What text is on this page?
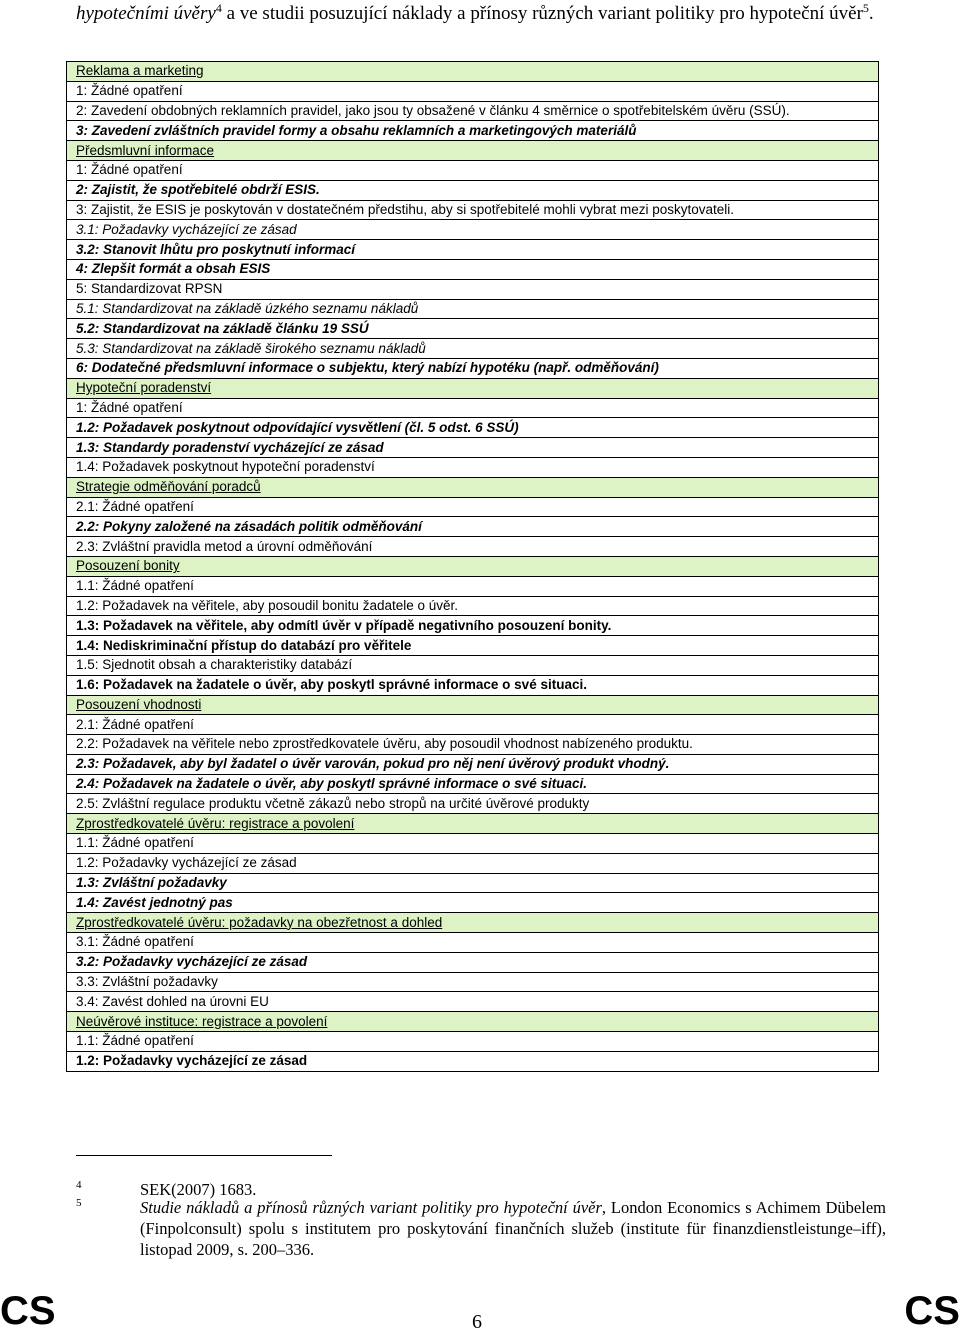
hypotečními úvěry$^4$ a ve studii posuzující náklady a přínosy různých variant politiky pro hypoteční úvěr$^5$.
Reklama a marketing
1: Žádné opatření
2: Zavedení obdobných reklamních pravidel, jako jsou ty obsažené v článku 4 směrnice o spotřebitelském úvěru (SSÚ).
3: Zavedení zvláštních pravidel formy a obsahu reklamních a marketingových materiálů
Předsmluvní informace
1: Žádné opatření
2: Zajistit, že spotřebitelé obdrží ESIS.
3: Zajistit, že ESIS je poskytován v dostatečném předstihu, aby si spotřebitelé mohli vybrat mezi poskytovateli.
3.1: Požadavky vycházející ze zásad
3.2: Stanovit lhůtu pro poskytnutí informací
4: Zlepšit formát a obsah ESIS
5: Standardizovat RPSN
5.1: Standardizovat na základě úzkého seznamu nákladů
5.2: Standardizovat na základě článku 19 SSÚ
5.3: Standardizovat na základě širokého seznamu nákladů
6: Dodatečné předsmluvní informace o subjektu, který nabízí hypotéku (např. odměňování)
Hypoteční poradenství
1: Žádné opatření
1.2: Požadavek poskytnout odpovídající vysvětlení (čl. 5 odst. 6 SSÚ)
1.3: Standardy poradenství vycházející ze zásad
1.4: Požadavek poskytnout hypoteční poradenství
Strategie odměňování poradců
2.1: Žádné opatření
2.2: Pokyny založené na zásadách politik odměňování
2.3: Zvláštní pravidla metod a úrovní odměňování
Posouzení bonity
1.1: Žádné opatření
1.2: Požadavek na věřitele, aby posoudil bonitu žadatele o úvěr.
1.3: Požadavek na věřitele, aby odmítl úvěr v případě negativního posouzení bonity.
1.4: Nediskriminační přístup do databází pro věřitele
1.5: Sjednotit obsah a charakteristiky databází
1.6: Požadavek na žadatele o úvěr, aby poskytl správné informace o své situaci.
Posouzení vhodnosti
2.1: Žádné opatření
2.2: Požadavek na věřitele nebo zprostředkovatele úvěru, aby posoudil vhodnost nabízeného produktu.
2.3: Požadavek, aby byl žadatel o úvěr varován, pokud pro něj není úvěrový produkt vhodný.
2.4: Požadavek na žadatele o úvěr, aby poskytl správné informace o své situaci.
2.5: Zvláštní regulace produktu včetně zákazů nebo stropů na určité úvěrové produkty
Zprostředkovatelé úvěru: registrace a povolení
1.1: Žádné opatření
1.2: Požadavky vycházející ze zásad
1.3: Zvláštní požadavky
1.4: Zavést jednotný pas
Zprostředkovatelé úvěru: požadavky na obezřetnost a dohled
3.1: Žádné opatření
3.2: Požadavky vycházející ze zásad
3.3: Zvláštní požadavky
3.4: Zavést dohled na úrovni EU
Neúvěrové instituce: registrace a povolení
1.1: Žádné opatření
1.2: Požadavky vycházející ze zásad
4	SEK(2007) 1683.
5	Studie nákladů a přínosů různých variant politiky pro hypoteční úvěr, London Economics s Achimem Dübelem (Finpolconsult) spolu s institutem pro poskytování finančních služeb (institute für finanzdienstleistunge–iff), listopad 2009, s. 200–336.
CS	6	CS
